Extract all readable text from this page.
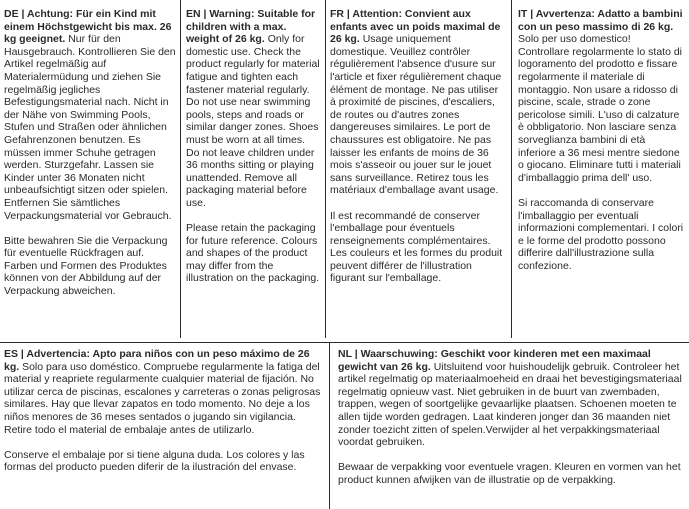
DE | Achtung: Für ein Kind mit einem Höchstgewicht bis max. 26 kg geeignet. Nur für den Hausgebrauch. Kontrollieren Sie den Artikel regelmäßig auf Materialermüdung und ziehen Sie regelmäßig jegliches Befestigungsmaterial nach. Nicht in der Nähe von Swimming Pools, Stufen und Straßen oder ähnlichen Gefahrenzonen benutzen. Es müssen immer Schuhe getragen werden. Sturzgefahr. Lassen sie Kinder unter 36 Monaten nicht unbeaufsichtigt sitzen oder spielen. Entfernen Sie sämtliches Verpackungsmaterial vor Gebrauch.

Bitte bewahren Sie die Verpackung für eventuelle Rückfragen auf. Farben und Formen des Produktes können von der Abbildung auf der Verpackung abweichen.

EN | Warning: Suitable for children with a max. weight of 26 kg. Only for domestic use. Check the product regularly for material fatigue and tighten each fastener material regularly. Do not use near swimming pools, steps and roads or similar danger zones. Shoes must be worn at all times. Do not leave children under 36 months sitting or playing unattended. Remove all packaging material before use.

Please retain the packaging for future reference. Colours and shapes of the product may differ from the illustration on the packaging.

FR | Attention: Convient aux enfants avec un poids maximal de 26 kg. Usage uniquement domestique. Veuillez contrôler régulièrement l'absence d'usure sur l'article et fixer régulièrement chaque élément de montage. Ne pas utiliser à proximité de piscines, d'escaliers, de routes ou d'autres zones dangereuses similaires. Le port de chaussures est obligatoire. Ne pas laisser les enfants de moins de 36 mois s'asseoir ou jouer sur le jouet sans surveillance. Retirez tous les matériaux d'emballage avant usage.

Il est recommandé de conserver l'emballage pour éventuels renseignements complémentaires. Les couleurs et les formes du produit peuvent différer de l'illustration figurant sur l'emballage.

IT | Avvertenza: Adatto a bambini con un peso massimo di 26 kg. Solo per uso domestico! Controllare regolarmente lo stato di logoramento del prodotto e fissare regolarmente il materiale di montaggio. Non usare a ridosso di piscine, scale, strade o zone pericolose simili. L'uso di calzature è obbligatorio. Non lasciare senza sorveglianza bambini di età inferiore a 36 mesi mentre siedone o giocano. Eliminare tutti i materiali d'imballaggio prima dell' uso.

Si raccomanda di conservare l'imballaggio per eventuali informazioni complementari. I colori e le forme del prodotto possono differire dall'illustrazione sulla confezione.

ES | Advertencia: Apto para niños con un peso máximo de 26 kg. Solo para uso doméstico. Compruebe regularmente la fatiga del material y reapriete regularmente cualquier material de fijación. No utilizar cerca de piscinas, escalones y carreteras o zonas peligrosas similares. Hay que llevar zapatos en todo momento. No deje a los niños menores de 36 meses sentados o jugando sin vigilancia. Retire todo el material de embalaje antes de utilizarlo.

Conserve el embalaje por si tiene alguna duda. Los colores y las formas del producto pueden diferir de la ilustración del envase.

NL | Waarschuwing: Geschikt voor kinderen met een maximaal gewicht van 26 kg. Uitsluitend voor huishoudelijk gebruik. Controleer het artikel regelmatig op materiaalmoeheid en draai het bevestigingsmateriaal regelmatig opnieuw vast. Niet gebruiken in de buurt van zwembaden, trappen, wegen of soortgelijke gevaarlijke plaatsen. Schoenen moeten te allen tijde worden gedragen. Laat kinderen jonger dan 36 maanden niet zonder toezicht zitten of spelen.Verwijder al het verpakkingsmateriaal voordat gebruiken.

Bewaar de verpakking voor eventuele vragen. Kleuren en vormen van het product kunnen afwijken van de illustratie op de verpakking.
